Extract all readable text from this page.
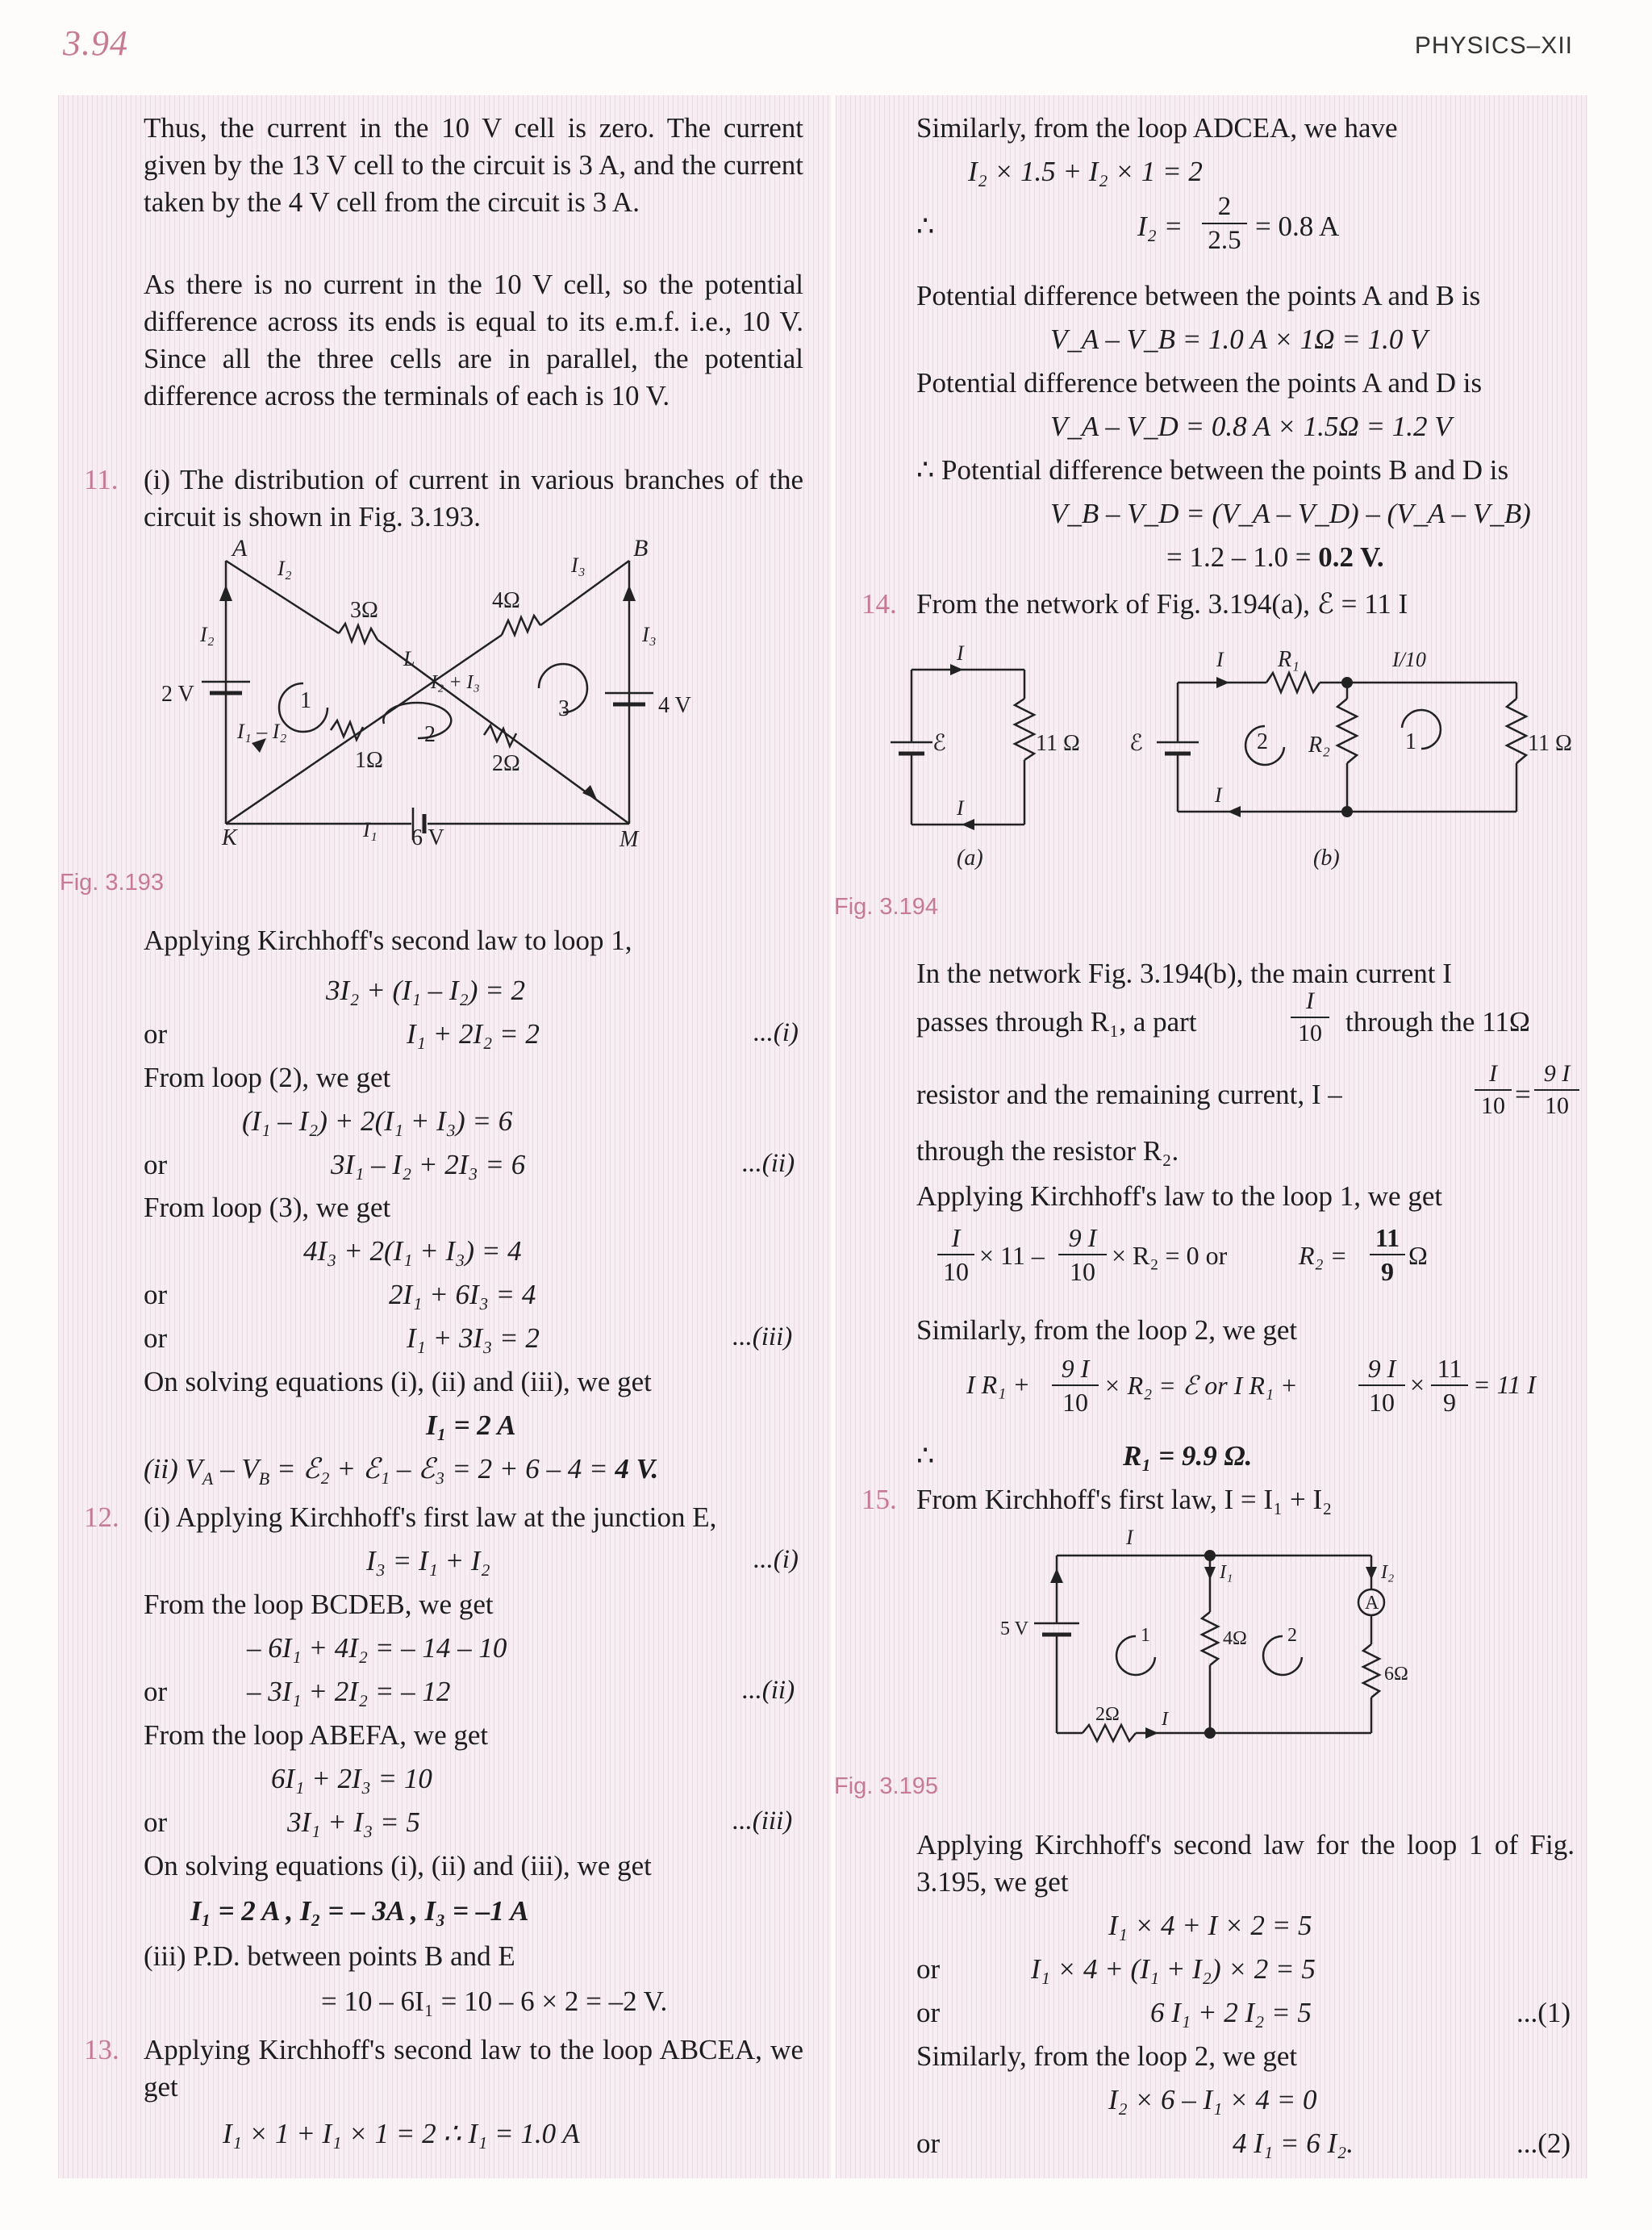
3.94	PHYSICS–XII
Thus, the current in the 10 V cell is zero. The current given by the 13 V cell to the circuit is 3 A, and the current taken by the 4 V cell from the circuit is 3 A.
As there is no current in the 10 V cell, so the potential difference across its ends is equal to its e.m.f. i.e., 10 V. Since all the three cells are in parallel, the potential difference across the terminals of each is 10 V.
11. (i) The distribution of current in various branches of the circuit is shown in Fig. 3.193.
A	B
K	M
L
I₂
I₂
I₃
I₃
I₁ – I₂
I₂ + I₃
I₁
3Ω	4Ω
1Ω	2Ω
2 V	4 V
6 V
1	3
2
Fig. 3.193
Applying Kirchhoff's second law to loop 1,
3I₂ + (I₁ – I₂) = 2
or	I₁ + 2I₂ = 2	...(i)
From loop (2), we get
(I₁ – I₂) + 2(I₁ + I₃) = 6
or	3I₁ – I₂ + 2I₃ = 6	...(ii)
From loop (3), we get
4I₃ + 2(I₁ + I₃) = 4
or	2I₁ + 6I₃ = 4
or	I₁ + 3I₃ = 2	...(iii)
On solving equations (i), (ii) and (iii), we get
I₁ = 2 A
(ii) $V_A - V_B$ = ℰ₂ + ℰ₁ – ℰ₃ = 2 + 6 – 4 = 4 V.
12. (i) Applying Kirchhoff's first law at the junction E,
I₃ = I₁ + I₂	...(i)
From the loop BCDEB, we get
– 6I₁ + 4I₂ = – 14 – 10
or	– 3I₁ + 2I₂ = – 12	...(ii)
From the loop ABEFA, we get
6I₁ + 2I₃ = 10
or	3I₁ + I₃ = 5	...(iii)
On solving equations (i), (ii) and (iii), we get
I₁ = 2 A , I₂ = – 3A , I₃ = –1 A
(iii) P.D. between points B and E
= 10 – 6I₁ = 10 – 6 × 2 = –2 V.
13. Applying Kirchhoff's second law to the loop ABCEA, we get
I₁ × 1 + I₁ × 1 = 2 ∴ I₁ = 1.0 A
Similarly, from the loop ADCEA, we have
I₂ × 1.5 + I₂ × 1 = 2
∴	I₂ =
2
2.5 = 0.8 A
Potential difference between the points A and B is
V_A – V_B = 1.0 A × 1Ω = 1.0 V
Potential difference between the points A and D is
V_A – V_D = 0.8 A × 1.5Ω = 1.2 V
∴ Potential difference between the points B and D is
V_B – V_D = (V_A – V_D) – (V_A – V_B)
= 1.2 – 1.0 = 0.2 V.
14. From the network of Fig. 3.194(a), ℰ = 11 I
I
I
ℰ	11 Ω ℰ
I R₁	I/10
R₂	11 Ω
I
2	1
(a)	(b)
Fig. 3.194
In the network Fig. 3.194(b), the main current I
passes through R₁, a part
I
10 through the 11Ω
resistor and the remaining current, I –
I
10 =
9 I
10
through the resistor R₂.
Applying Kirchhoff's law to the loop 1, we get
I
10
× 11 –
9 I
10
× R₂ = 0 or	R₂ =
11
9
Ω
Similarly, from the loop 2, we get
I R₁ +
9 I
10
× R₂ = ℰ or I R₁ +
9 I
10
×
11
9
= 11 I
∴	R₁ = 9.9 Ω.
15. From Kirchhoff's first law, I = I₁ + I₂
I
I₁	I₂
I
5 V
2Ω
4Ω
6Ω
A
1	2
Fig. 3.195
Applying Kirchhoff's second law for the loop 1 of Fig. 3.195, we get
I₁ × 4 + I × 2 = 5
or	I₁ × 4 + (I₁ + I₂) × 2 = 5
or	6 I₁ + 2 I₂ = 5	...(1)
Similarly, from the loop 2, we get
I₂ × 6 – I₁ × 4 = 0
or	4 I₁ = 6 I₂.	...(2)
